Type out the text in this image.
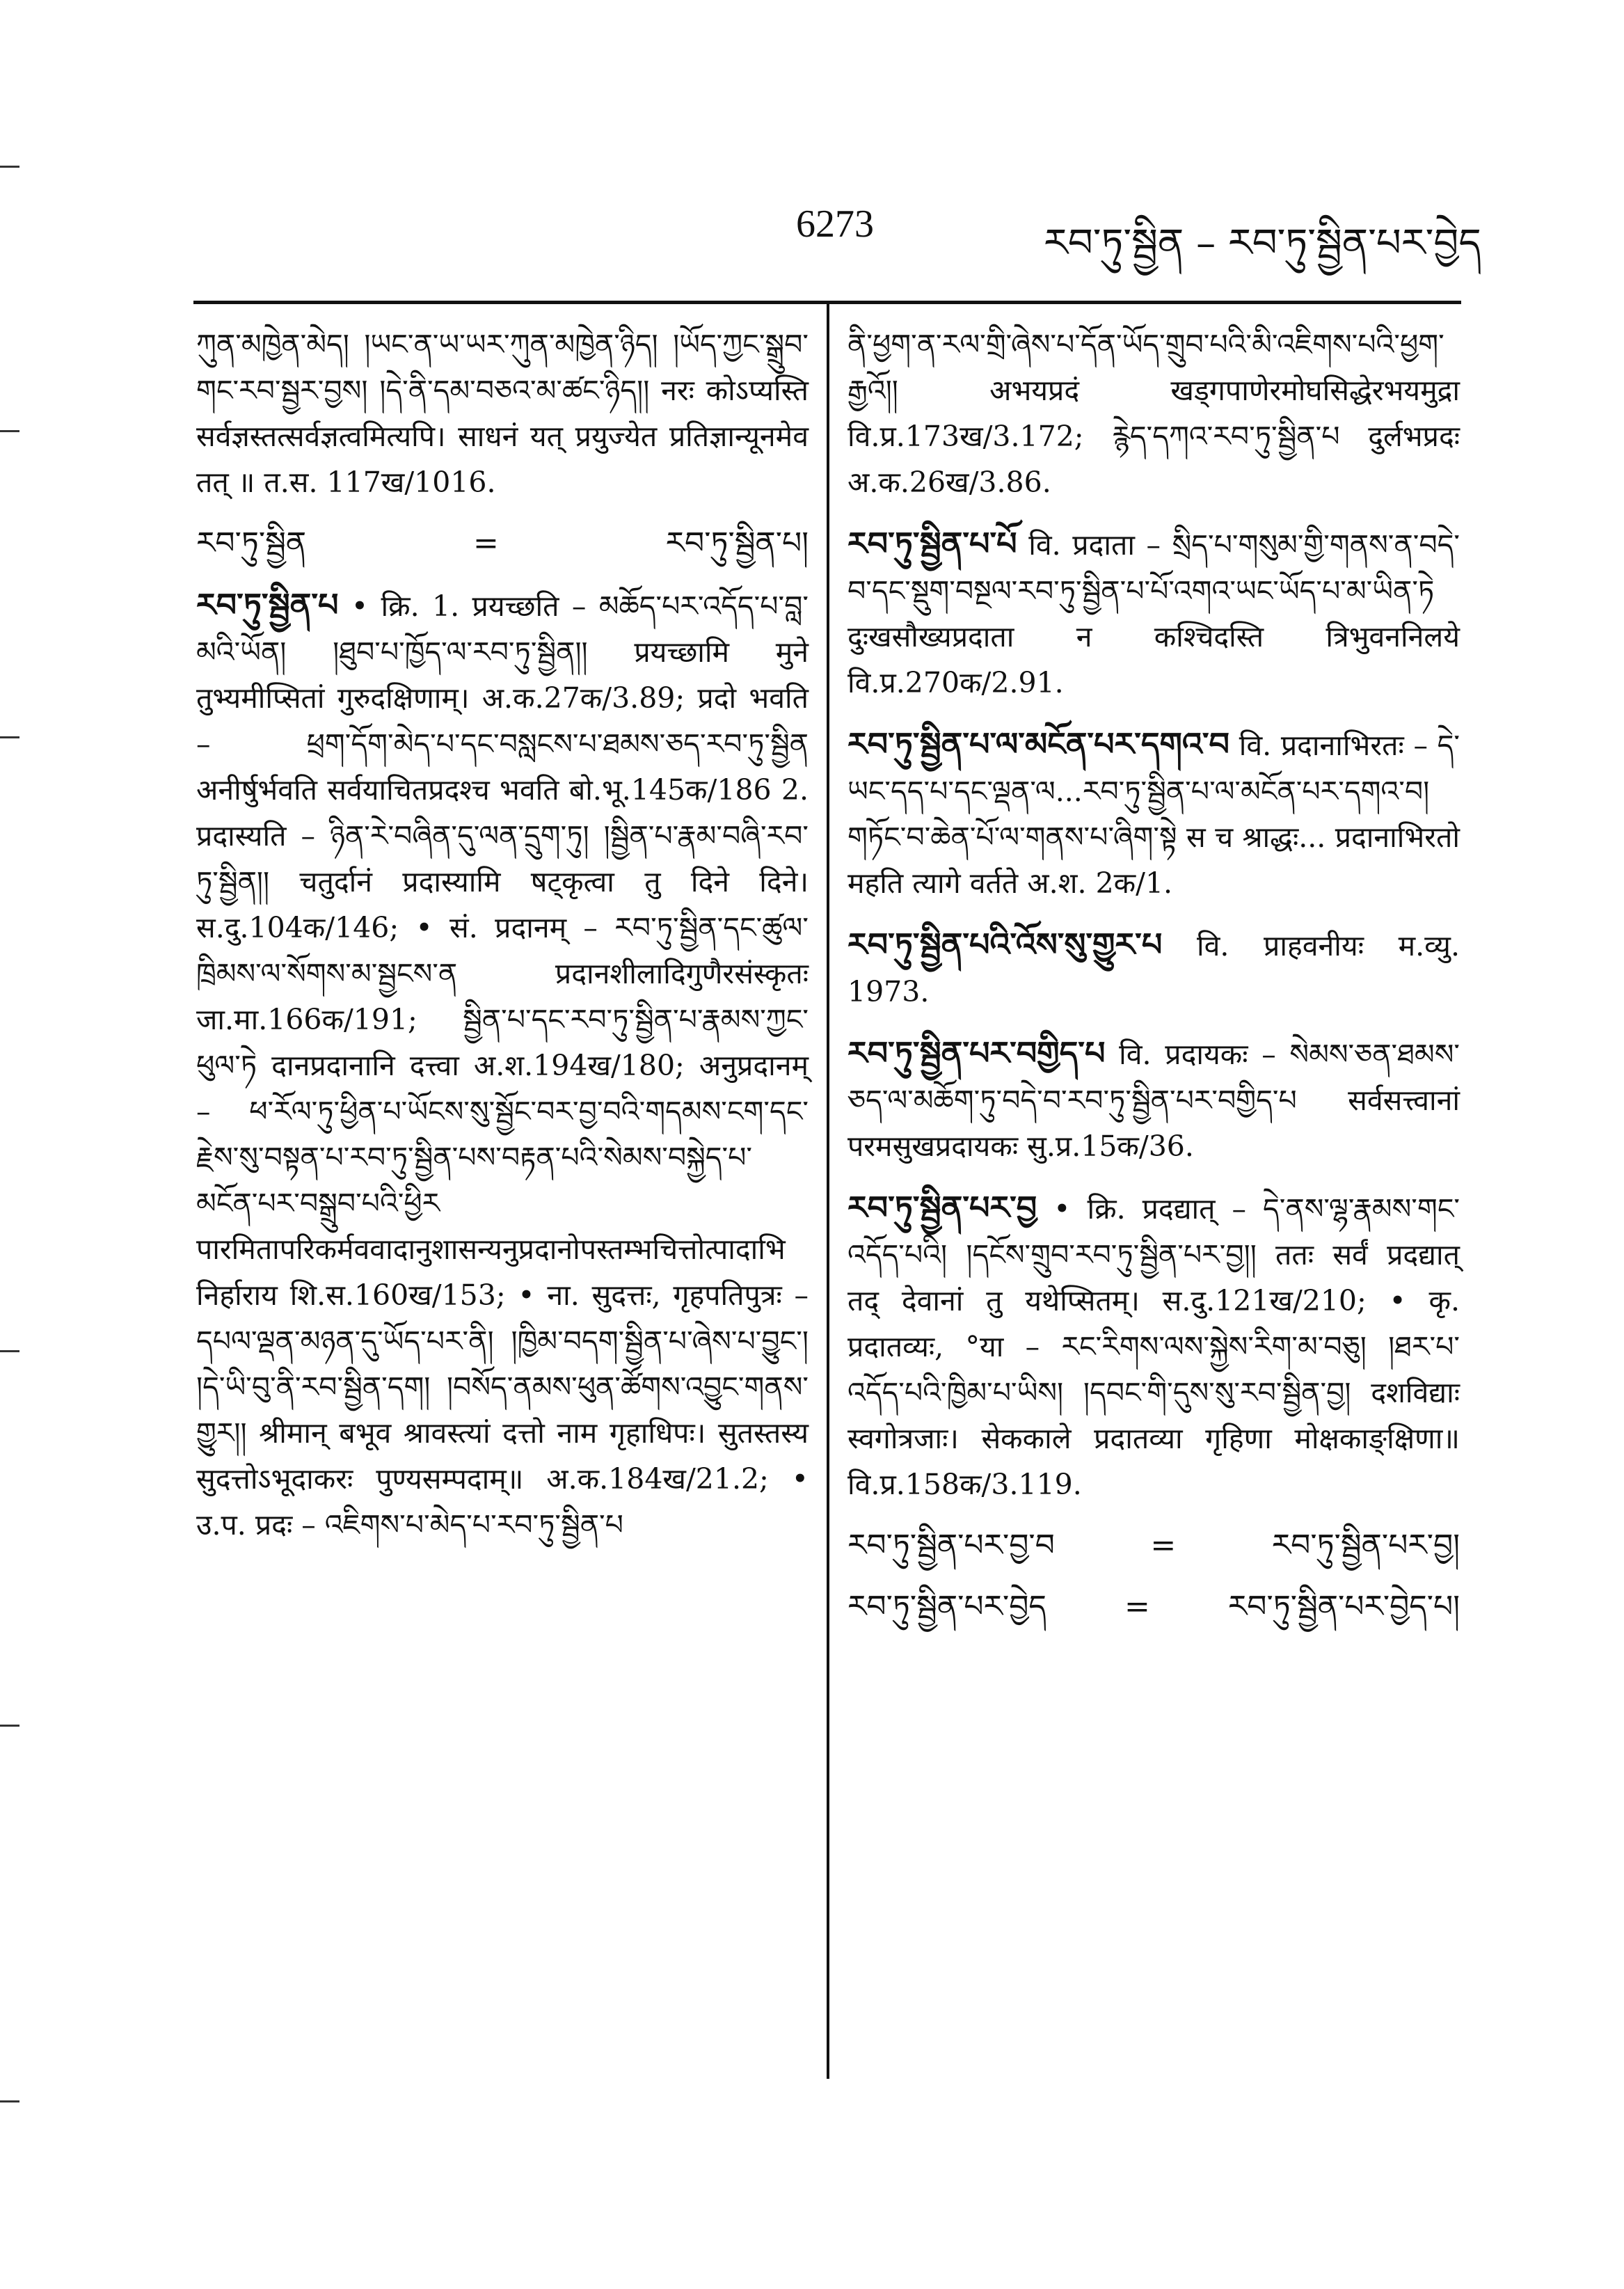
6273	རབ་ཏུ་སྦྱིན – རབ་ཏུ་སྦྱིན་པར་བྱེད

ཀུན་མཁྱེན་མེད། །ཡང་ན་ཡ་ཡར་ཀུན་མཁྱེན་ཉིད། །ཡོད་ཀྱང་སྒྲུབ་གང་རབ་སྦྱར་བྱས། །དེ་ནི་དམ་བཅའ་མ་ཚང་ཉིད།། नरः कोऽप्यस्ति सर्वज्ञस्तत्सर्वज्ञत्वमित्यपि। साधनं यत् प्रयुज्येत प्रतिज्ञान्यूनमेव तत् ॥ त.स. 117ख/1016.

རབ་ཏུ་སྦྱིན	=	རབ་ཏུ་སྦྱིན་པ།

རབ་ཏུ་སྦྱིན་པ • क्रि. 1. प्रयच्छति – མཆོད་པར་འདོད་པ་བླ་མའི་ཡོན། །ཐུབ་པ་ཁྱོད་ལ་རབ་ཏུ་སྦྱིན།། प्रयच्छामि मुने तुभ्यमीप्सितां गुरुदक्षिणाम्। अ.क.27क/3.89; प्रदो भवति – ཕྲག་དོག་མེད་པ་དང་བསླངས་པ་ཐམས་ཅད་རབ་ཏུ་སྦྱིན अनीर्षुर्भवति सर्वयाचितप्रदश्च भवति बो.भू.145क/186 2. प्रदास्यति – ཉིན་རེ་བཞིན་དུ་ལན་དྲུག་ཏུ། །སྦྱིན་པ་རྣམ་བཞི་རབ་ཏུ་སྦྱིན།། चतुर्दानं प्रदास्यामि षट्कृत्वा तु दिने दिने। स.दु.104क/146; • सं. प्रदानम् – རབ་ཏུ་སྦྱིན་དང་ཚུལ་ཁྲིམས་ལ་སོགས་མ་སྦྱངས་ན प्रदानशीलादिगुणैरसंस्कृतः जा.मा.166क/191; སྦྱིན་པ་དང་རབ་ཏུ་སྦྱིན་པ་རྣམས་ཀྱང་ཕུལ་ཏེ दानप्रदानानि दत्त्वा अ.श.194ख/180; अनुप्रदानम् – ཕ་རོལ་ཏུ་ཕྱིན་པ་ཡོངས་སུ་སྦྱོང་བར་བྱ་བའི་གདམས་ངག་དང་རྗེས་སུ་བསྟན་པ་རབ་ཏུ་སྦྱིན་པས་བརྟན་པའི་སེམས་བསྐྱེད་པ་མངོན་པར་བསྒྲུབ་པའི་ཕྱིར पारमितापरिकर्मववादानुशासन्यनुप्रदानोपस्तम्भचित्तोत्पादाभिनिर्हाराय शि.स.160ख/153; • ना. सुदत्तः, गृहपतिपुत्रः – དཔལ་ལྡན་མཉན་དུ་ཡོད་པར་ནི། །ཁྱིམ་བདག་སྦྱིན་པ་ཞེས་པ་བྱུང་། །དེ་ཡི་བུ་ནི་རབ་སྦྱིན་དག། །བསོད་ནམས་ཕུན་ཚོགས་འབྱུང་གནས་གྱུར།། श्रीमान् बभूव श्रावस्त्यां दत्तो नाम गृहाधिपः। सुतस्तस्य सुदत्तोऽभूदाकरः पुण्यसम्पदाम्॥ अ.क.184ख/21.2; • उ.प. प्रदः – འཇིགས་པ་མེད་པ་རབ་ཏུ་སྦྱིན་པ

ནི་ཕྱག་ན་རལ་གྲི་ཞེས་པ་དོན་ཡོད་གྲུབ་པའི་མི་འཇིགས་པའི་ཕྱག་རྒྱའོ།། अभयप्रदं खड्गपाणेरमोघसिद्धेरभयमुद्रा वि.प्र.173ख/3.172; རྙེད་དཀའ་རབ་ཏུ་སྦྱིན་པ दुर्लभप्रदः अ.क.26ख/3.86.

རབ་ཏུ་སྦྱིན་པ་པོ वि. प्रदाता – སྲིད་པ་གསུམ་གྱི་གནས་ན་བདེ་བ་དང་སྡུག་བསྔལ་རབ་ཏུ་སྦྱིན་པ་པོ་འགའ་ཡང་ཡོད་པ་མ་ཡིན་ཏེ दुःखसौख्यप्रदाता न कश्चिदस्ति त्रिभुवननिलये वि.प्र.270क/2.91.

རབ་ཏུ་སྦྱིན་པ་ལ་མངོན་པར་དགའ་བ वि. प्रदानाभिरतः – དེ་ཡང་དད་པ་དང་ལྡན་ལ...རབ་ཏུ་སྦྱིན་པ་ལ་མངོན་པར་དགའ་བ། གཏོང་བ་ཆེན་པོ་ལ་གནས་པ་ཞིག་སྟེ स च श्राद्धः... प्रदानाभिरतो महति त्यागे वर्तते अ.श. 2क/1.

རབ་ཏུ་སྦྱིན་པའི་འོས་སུ་གྱུར་པ वि. प्राहवनीयः म.व्यु. 1973.

རབ་ཏུ་སྦྱིན་པར་བགྱིད་པ वि. प्रदायकः – སེམས་ཅན་ཐམས་ཅད་ལ་མཆོག་ཏུ་བདེ་བ་རབ་ཏུ་སྦྱིན་པར་བགྱིད་པ सर्वसत्त्वानां परमसुखप्रदायकः सु.प्र.15क/36.

རབ་ཏུ་སྦྱིན་པར་བྱ • क्रि. प्रदद्यात् – དེ་ནས་ལྷ་རྣམས་གང་འདོད་པའི། །དངོས་གྲུབ་རབ་ཏུ་སྦྱིན་པར་བྱ།། ततः सर्वं प्रदद्यात् तद् देवानां तु यथेप्सितम्। स.दु.121ख/210; • कृ. प्रदातव्यः, °या – རང་རིགས་ལས་སྐྱེས་རིག་མ་བཅུ། །ཐར་པ་འདོད་པའི་ཁྱིམ་པ་ཡིས། །དབང་གི་དུས་སུ་རབ་སྦྱིན་བྱ། दशविद्याः स्वगोत्रजाः। सेककाले प्रदातव्या गृहिणा मोक्षकाङ्क्षिणा॥ वि.प्र.158क/3.119.

རབ་ཏུ་སྦྱིན་པར་བྱ་བ	=	རབ་ཏུ་སྦྱིན་པར་བྱ།
རབ་ཏུ་སྦྱིན་པར་བྱེད	=	རབ་ཏུ་སྦྱིན་པར་བྱེད་པ།
